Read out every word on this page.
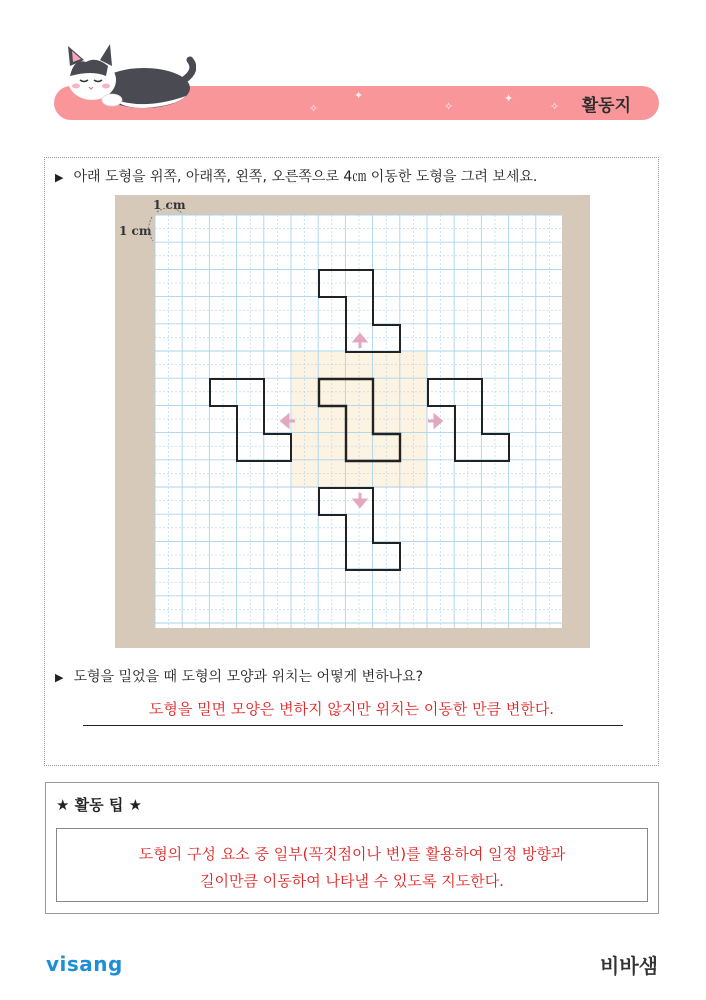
✧
✦
✧
✦
✧ 활동지
▶ 아래 도형을 위쪽, 아래쪽, 왼쪽, 오른쪽으로 4㎝ 이동한 도형을 그려 보세요.
1 cm
1 cm
▶ 도형을 밀었을 때 도형의 모양과 위치는 어떻게 변하나요?
도형을 밀면 모양은 변하지 않지만 위치는 이동한 만큼 변한다.
★ 활동 팁 ★
도형의 구성 요소 중 일부(꼭짓점이나 변)를 활용하여 일정 방향과
길이만큼 이동하여 나타낼 수 있도록 지도한다.
visang	비바샘
